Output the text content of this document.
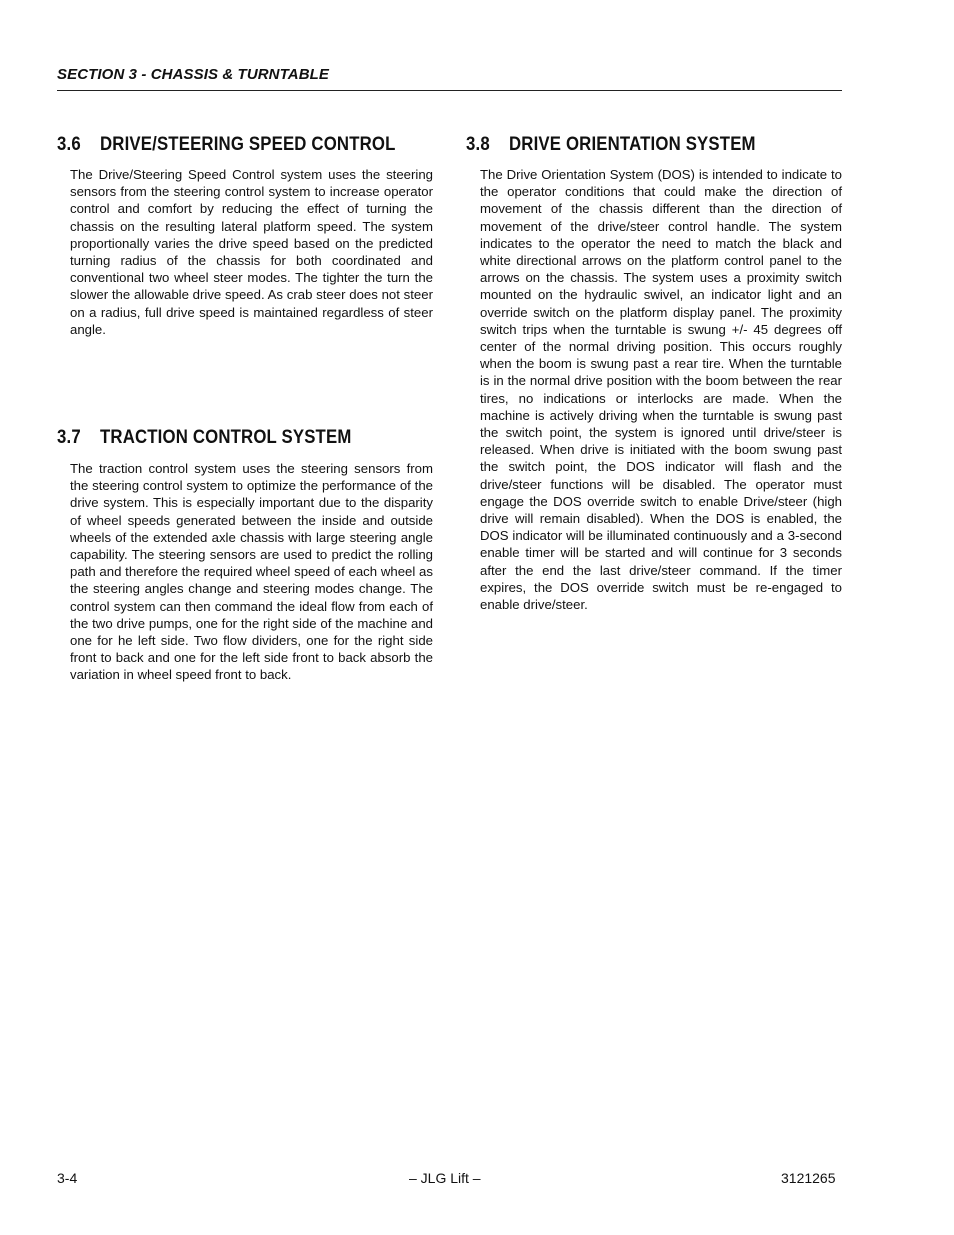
SECTION 3 - CHASSIS & TURNTABLE
3.6 DRIVE/STEERING SPEED CONTROL

The Drive/Steering Speed Control system uses the steering sensors from the steering control system to increase operator control and comfort by reducing the effect of turning the chassis on the resulting lateral platform speed. The system proportionally varies the drive speed based on the predicted turning radius of the chassis for both coordinated and conventional two wheel steer modes. The tighter the turn the slower the allowable drive speed. As crab steer does not steer on a radius, full drive speed is maintained regardless of steer angle.

3.7 TRACTION CONTROL SYSTEM

The traction control system uses the steering sensors from the steering control system to optimize the performance of the drive system. This is especially important due to the disparity of wheel speeds generated between the inside and outside wheels of the extended axle chassis with large steering angle capability. The steering sensors are used to predict the rolling path and therefore the required wheel speed of each wheel as the steering angles change and steering modes change. The control system can then command the ideal flow from each of the two drive pumps, one for the right side of the machine and one for he left side. Two flow dividers, one for the right side front to back and one for the left side front to back absorb the variation in wheel speed front to back.

3.8 DRIVE ORIENTATION SYSTEM

The Drive Orientation System (DOS) is intended to indicate to the operator conditions that could make the direction of movement of the chassis different than the direction of movement of the drive/steer control handle. The system indicates to the operator the need to match the black and white directional arrows on the platform control panel to the arrows on the chassis. The system uses a proximity switch mounted on the hydraulic swivel, an indicator light and an override switch on the platform display panel. The proximity switch trips when the turntable is swung +/- 45 degrees off center of the normal driving position. This occurs roughly when the boom is swung past a rear tire. When the turntable is in the normal drive position with the boom between the rear tires, no indications or interlocks are made. When the machine is actively driving when the turntable is swung past the switch point, the system is ignored until drive/steer is released. When drive is initiated with the boom swung past the switch point, the DOS indicator will flash and the drive/steer functions will be disabled. The operator must engage the DOS override switch to enable Drive/steer (high drive will remain disabled). When the DOS is enabled, the DOS indicator will be illuminated continuously and a 3-second enable timer will be started and will continue for 3 seconds after the end the last drive/steer command. If the timer expires, the DOS override switch must be re-engaged to enable drive/steer.

3-4	– JLG Lift –	3121265
